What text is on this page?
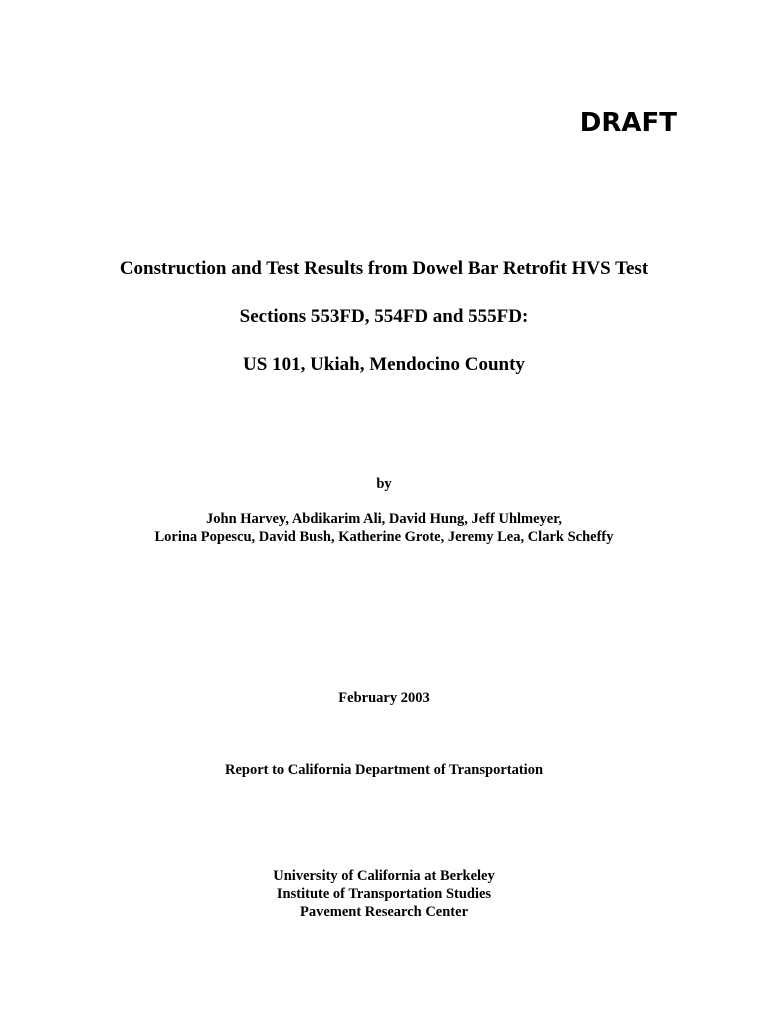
DRAFT
Construction and Test Results from Dowel Bar Retrofit HVS Test
Sections 553FD, 554FD and 555FD:
US 101, Ukiah, Mendocino County
by
John Harvey, Abdikarim Ali, David Hung, Jeff Uhlmeyer,
Lorina Popescu, David Bush, Katherine Grote, Jeremy Lea, Clark Scheffy
February 2003
Report to California Department of Transportation
University of California at Berkeley
Institute of Transportation Studies
Pavement Research Center
